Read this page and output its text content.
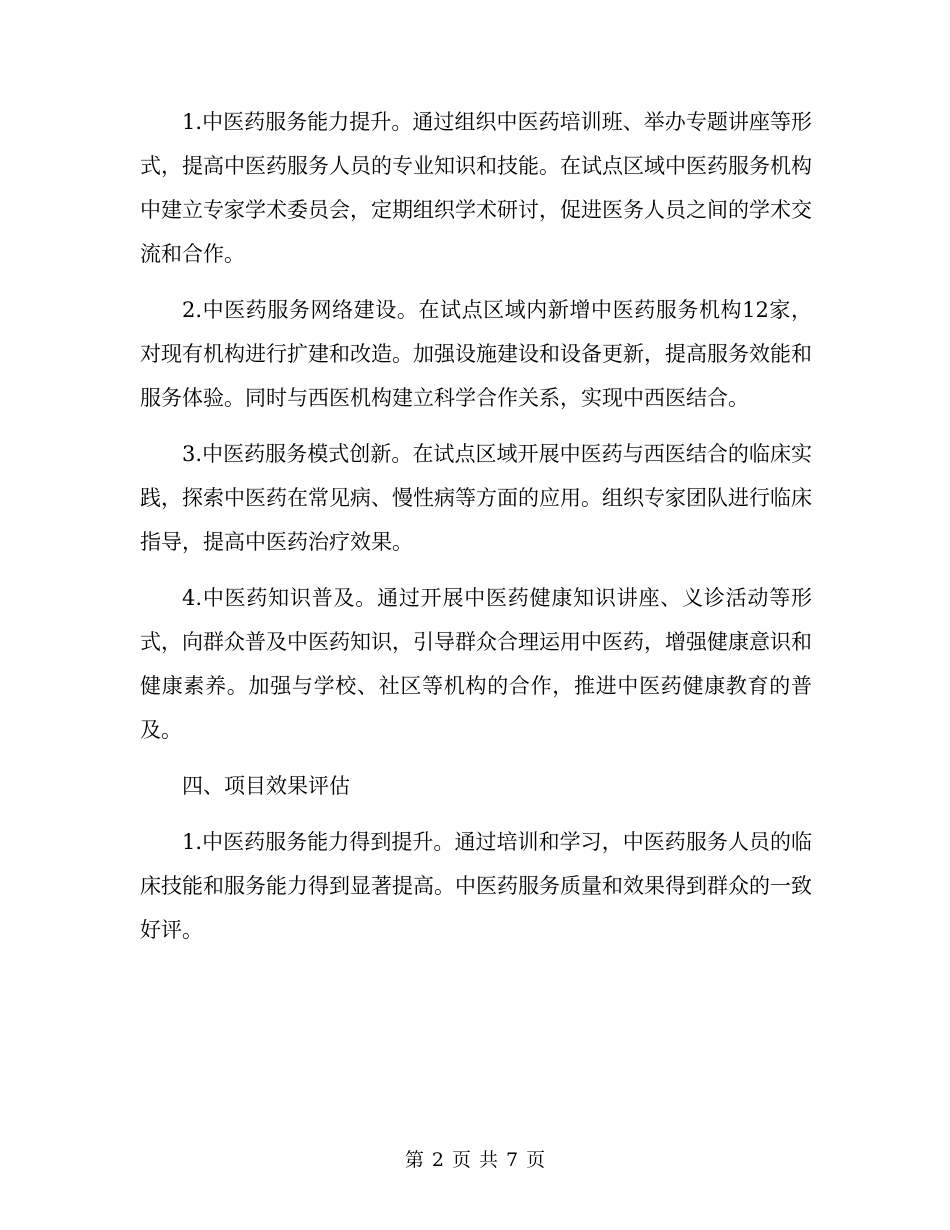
1.中医药服务能力提升。通过组织中医药培训班、举办专题讲座等形式，提高中医药服务人员的专业知识和技能。在试点区域中医药服务机构中建立专家学术委员会，定期组织学术研讨，促进医务人员之间的学术交流和合作。

2.中医药服务网络建设。在试点区域内新增中医药服务机构12家，对现有机构进行扩建和改造。加强设施建设和设备更新，提高服务效能和服务体验。同时与西医机构建立科学合作关系，实现中西医结合。

3.中医药服务模式创新。在试点区域开展中医药与西医结合的临床实践，探索中医药在常见病、慢性病等方面的应用。组织专家团队进行临床指导，提高中医药治疗效果。

4.中医药知识普及。通过开展中医药健康知识讲座、义诊活动等形式，向群众普及中医药知识，引导群众合理运用中医药，增强健康意识和健康素养。加强与学校、社区等机构的合作，推进中医药健康教育的普及。

四、项目效果评估

1.中医药服务能力得到提升。通过培训和学习，中医药服务人员的临床技能和服务能力得到显著提高。中医药服务质量和效果得到群众的一致好评。

第 2 页 共 7 页
